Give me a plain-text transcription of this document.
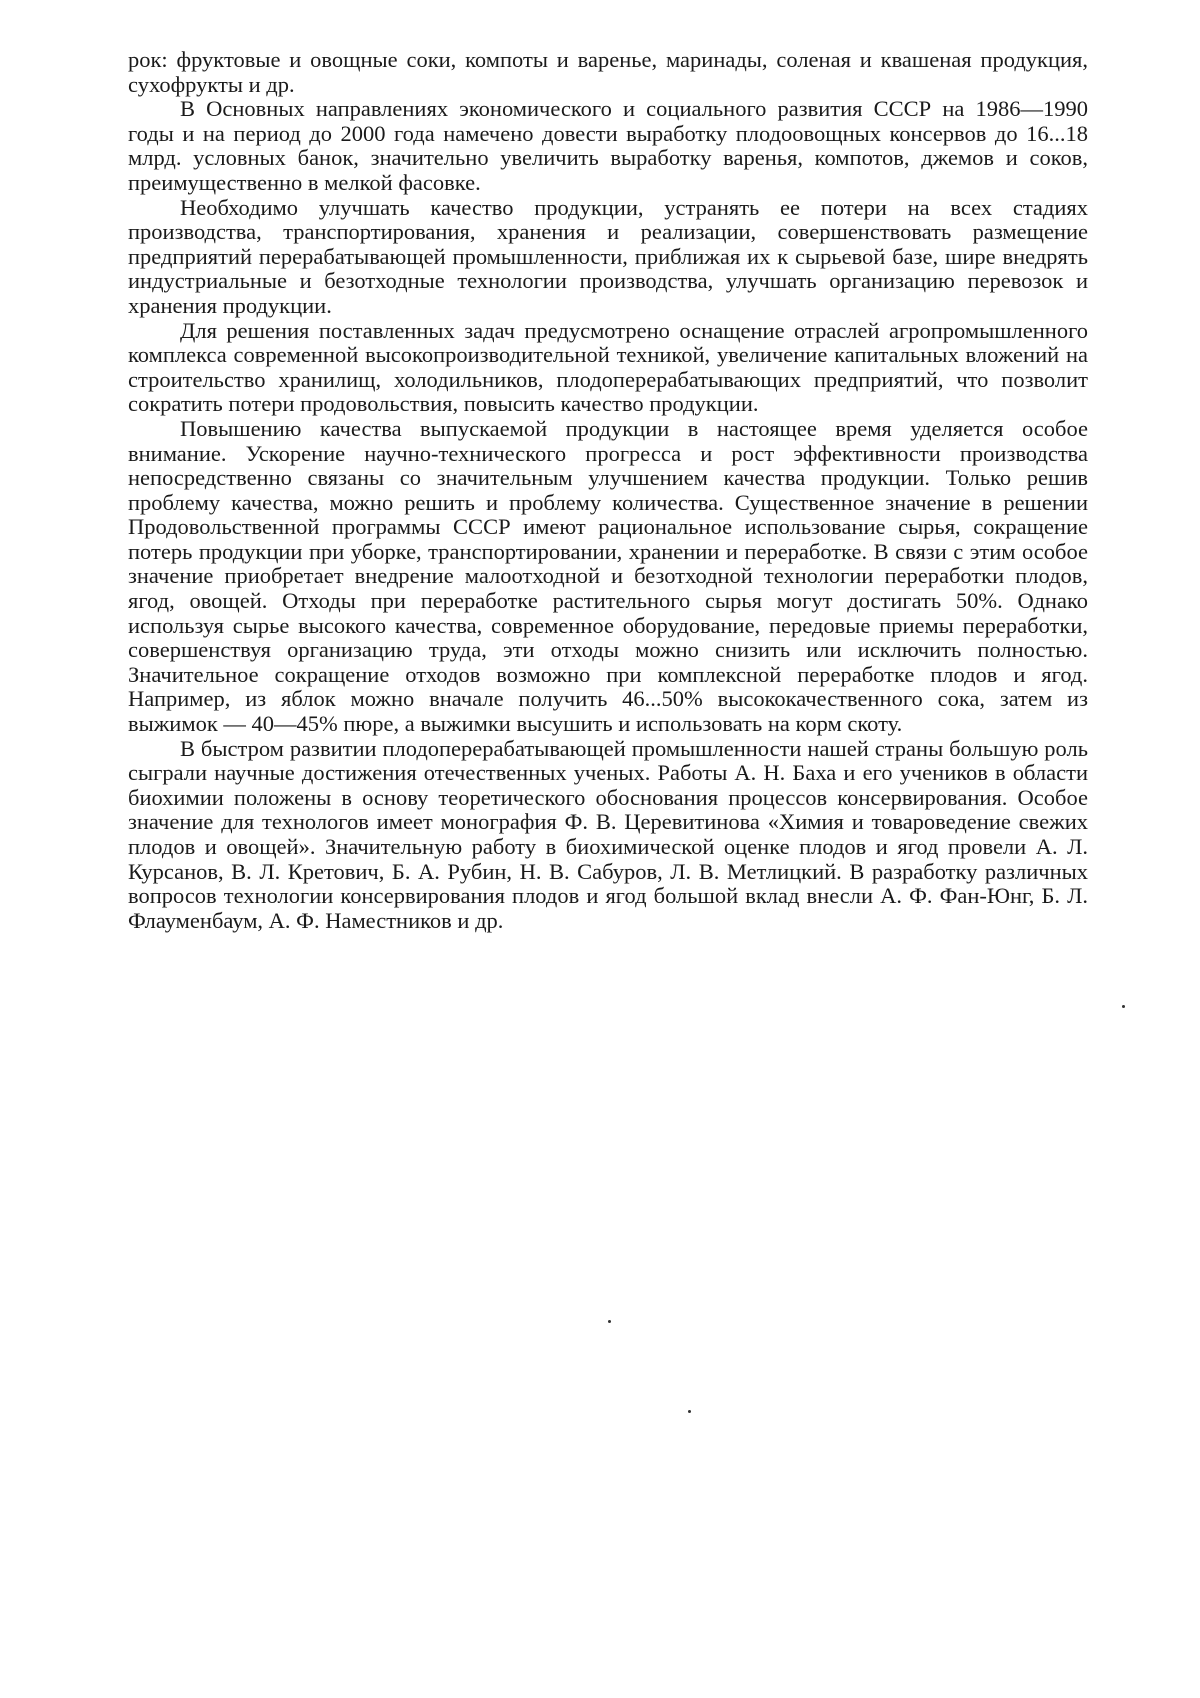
рок: фруктовые и овощные соки, компоты и варенье, маринады, соленая и квашеная продукция, сухофрукты и др.

В Основных направлениях экономического и социального развития СССР на 1986—1990 годы и на период до 2000 года намечено довести выработку плодоовощных консервов до 16...18 млрд. условных банок, значительно увеличить выработку варенья, компотов, джемов и соков, преимущественно в мелкой фасовке.

Необходимо улучшать качество продукции, устранять ее потери на всех стадиях производства, транспортирования, хранения и реализации, совершенствовать размещение предприятий перерабатывающей промышленности, приближая их к сырьевой базе, шире внедрять индустриальные и безотходные технологии производства, улучшать организацию перевозок и хранения продукции.

Для решения поставленных задач предусмотрено оснащение отраслей агропромышленного комплекса современной высокопроизводительной техникой, увеличение капитальных вложений на строительство хранилищ, холодильников, плодоперерабатывающих предприятий, что позволит сократить потери продовольствия, повысить качество продукции.

Повышению качества выпускаемой продукции в настоящее время уделяется особое внимание. Ускорение научно-технического прогресса и рост эффективности производства непосредственно связаны со значительным улучшением качества продукции. Только решив проблему качества, можно решить и проблему количества. Существенное значение в решении Продовольственной программы СССР имеют рациональное использование сырья, сокращение потерь продукции при уборке, транспортировании, хранении и переработке. В связи с этим особое значение приобретает внедрение малоотходной и безотходной технологии переработки плодов, ягод, овощей. Отходы при переработке растительного сырья могут достигать 50%. Однако используя сырье высокого качества, современное оборудование, передовые приемы переработки, совершенствуя организацию труда, эти отходы можно снизить или исключить полностью. Значительное сокращение отходов возможно при комплексной переработке плодов и ягод. Например, из яблок можно вначале получить 46...50% высококачественного сока, затем из выжимок — 40—45% пюре, а выжимки высушить и использовать на корм скоту.

В быстром развитии плодоперерабатывающей промышленности нашей страны большую роль сыграли научные достижения отечественных ученых. Работы А. Н. Баха и его учеников в области биохимии положены в основу теоретического обоснования процессов консервирования. Особое значение для технологов имеет монография Ф. В. Церевитинова «Химия и товароведение свежих плодов и овощей». Значительную работу в биохимической оценке плодов и ягод провели А. Л. Курсанов, В. Л. Кретович, Б. А. Рубин, Н. В. Сабуров, Л. В. Метлицкий. В разработку различных вопросов технологии консервирования плодов и ягод большой вклад внесли А. Ф. Фан-Юнг, Б. Л. Флауменбаум, А. Ф. Наместников и др.
